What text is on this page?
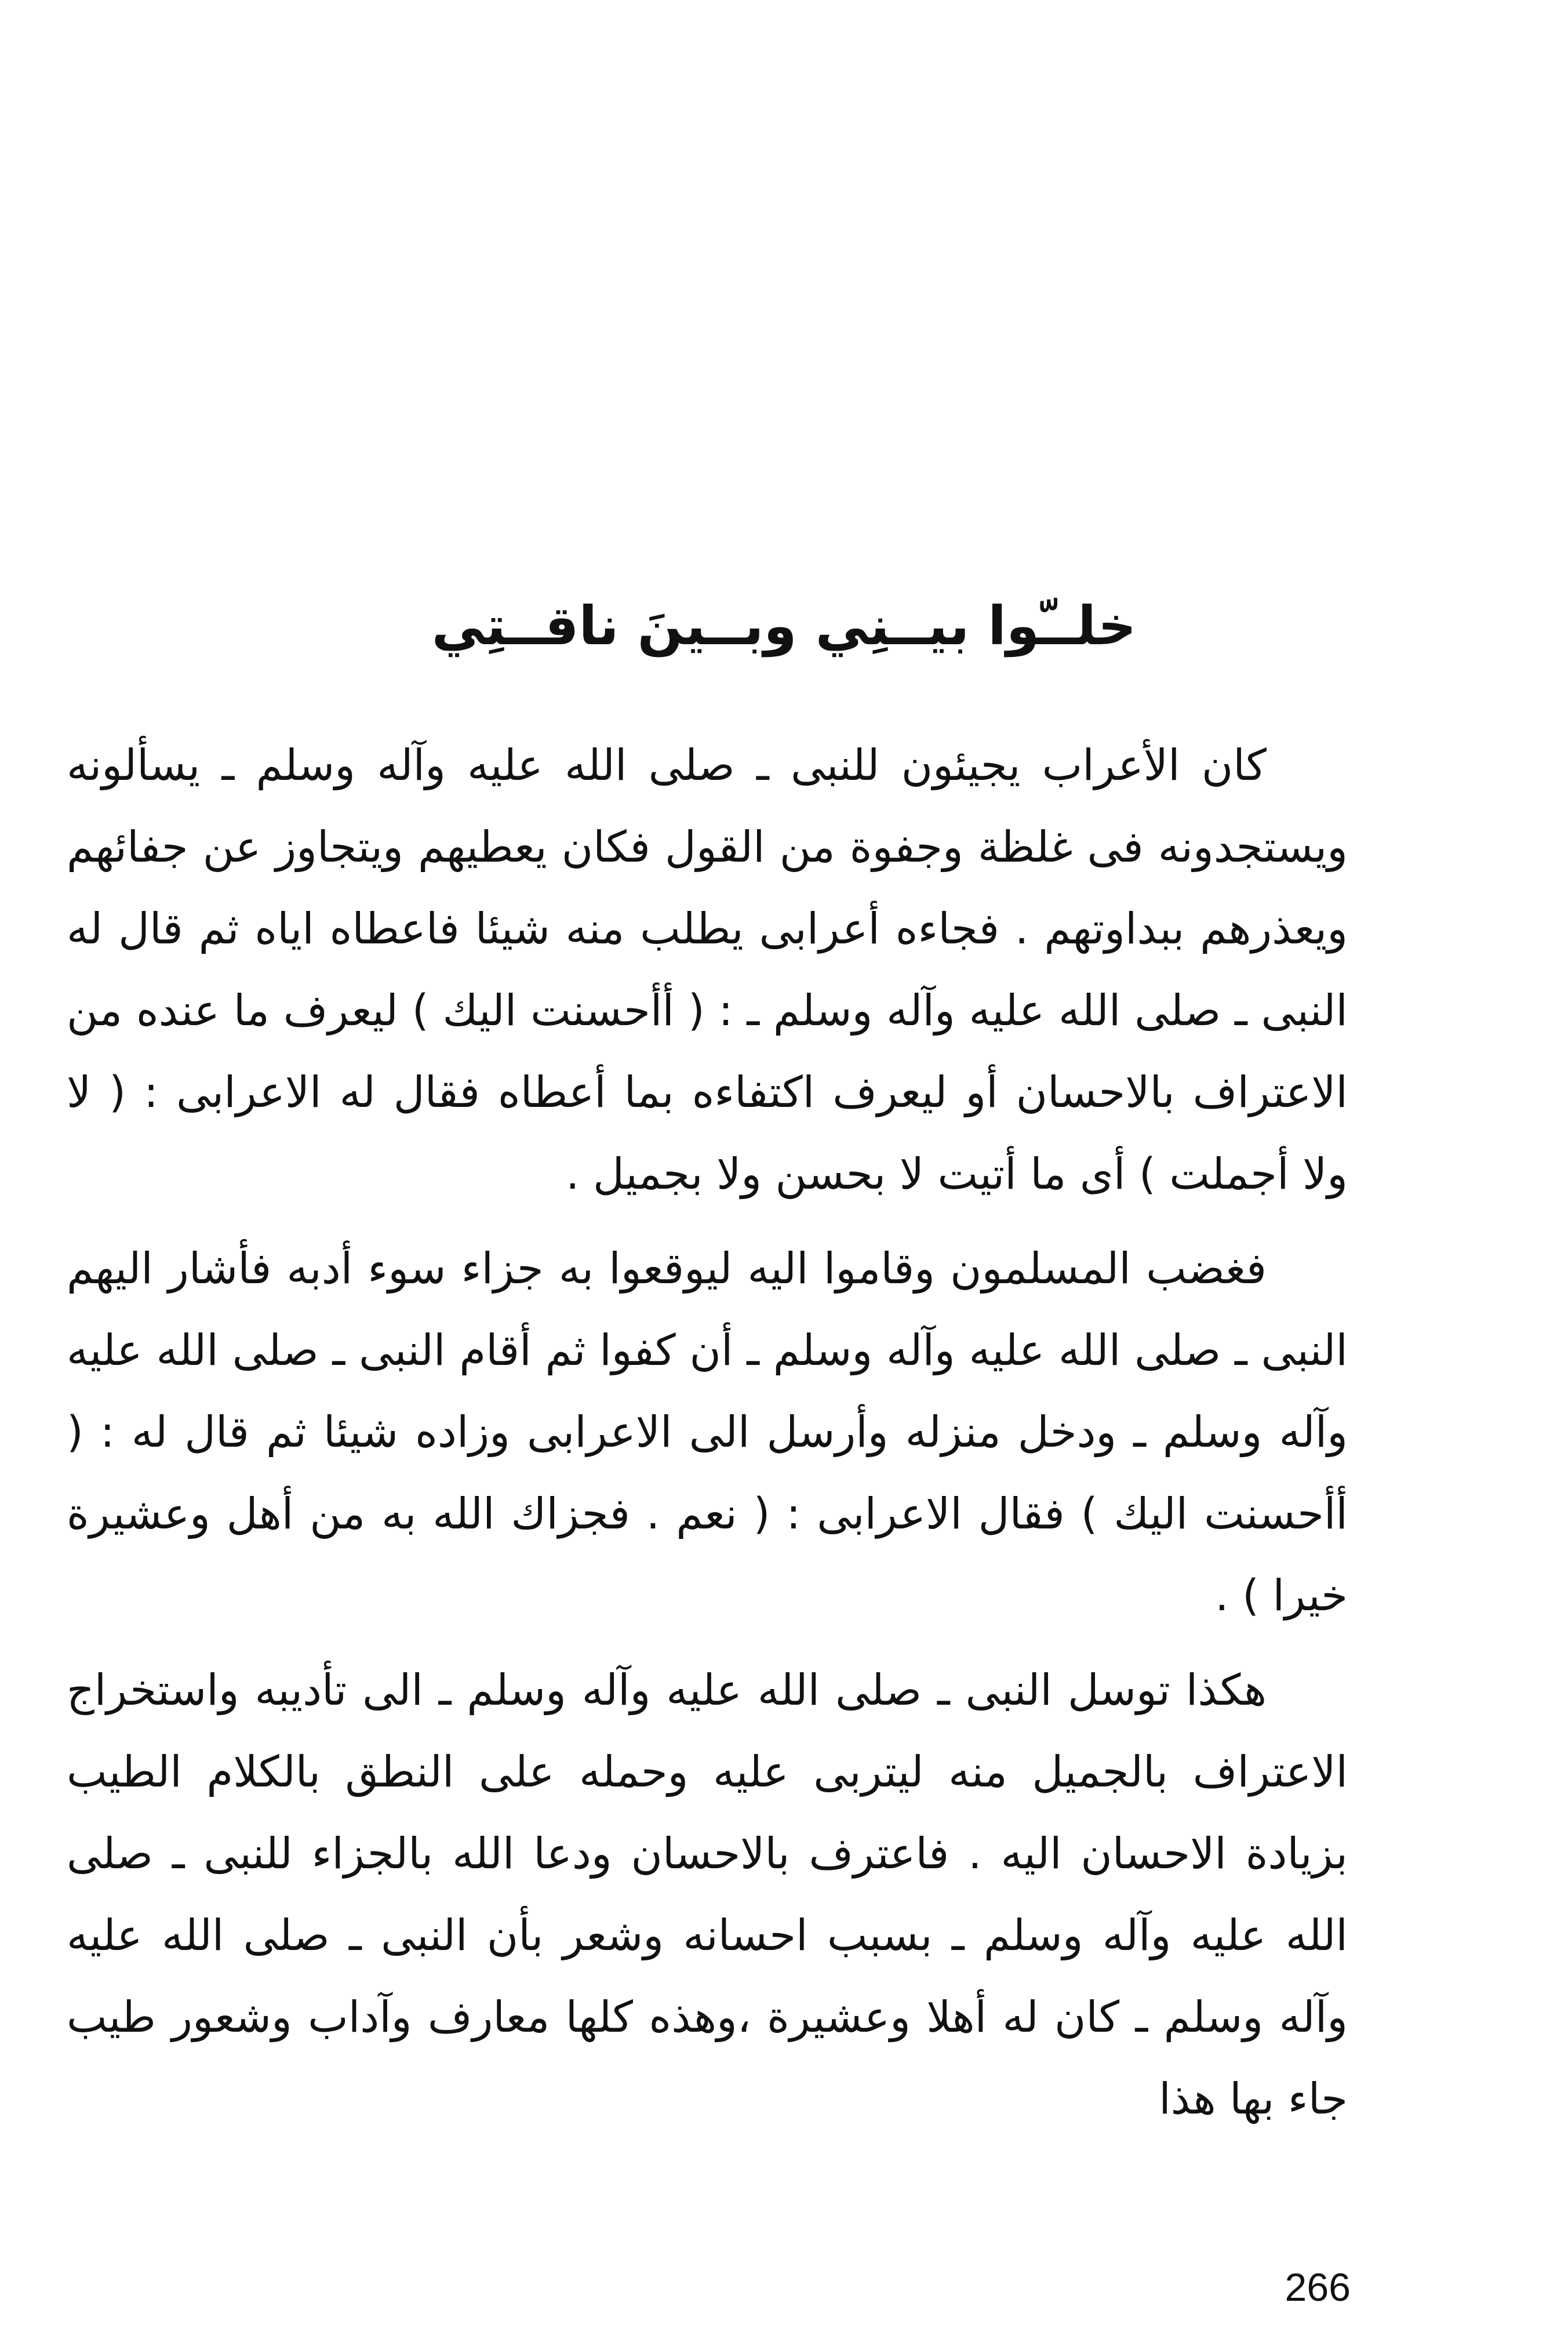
خلــّوا بيــنِي وبــينَ ناقــتِي

كان الأعراب يجيئون للنبى ـ صلى الله عليه وآله وسلم ـ يسألونه ويستجدونه فى غلظة وجفوة من القول فكان يعطيهم ويتجاوز عن جفائهم ويعذرهم ببداوتهم . فجاءه أعرابى يطلب منه شيئا فاعطاه اياه ثم قال له النبى ـ صلى الله عليه وآله وسلم ـ : ( أأحسنت اليك ) ليعرف ما عنده من الاعتراف بالاحسان أو ليعرف اكتفاءه بما أعطاه فقال له الاعرابى : ( لا ولا أجملت ) أى ما أتيت لا بحسن ولا بجميل .

فغضب المسلمون وقاموا اليه ليوقعوا به جزاء سوء أدبه فأشار اليهم النبى ـ صلى الله عليه وآله وسلم ـ أن كفوا ثم أقام النبى ـ صلى الله عليه وآله وسلم ـ ودخل منزله وأرسل الى الاعرابى وزاده شيئا ثم قال له : ( أأحسنت اليك ) فقال الاعرابى : ( نعم . فجزاك الله به من أهل وعشيرة خيرا ) .

هكذا توسل النبى ـ صلى الله عليه وآله وسلم ـ الى تأديبه واستخراج الاعتراف بالجميل منه ليتربى عليه وحمله على النطق بالكلام الطيب بزيادة الاحسان اليه . فاعترف بالاحسان ودعا الله بالجزاء للنبى ـ صلى الله عليه وآله وسلم ـ بسبب احسانه وشعر بأن النبى ـ صلى الله عليه وآله وسلم ـ كان له أهلا وعشيرة ،وهذه كلها معارف وآداب وشعور طيب جاء بها هذا

266
